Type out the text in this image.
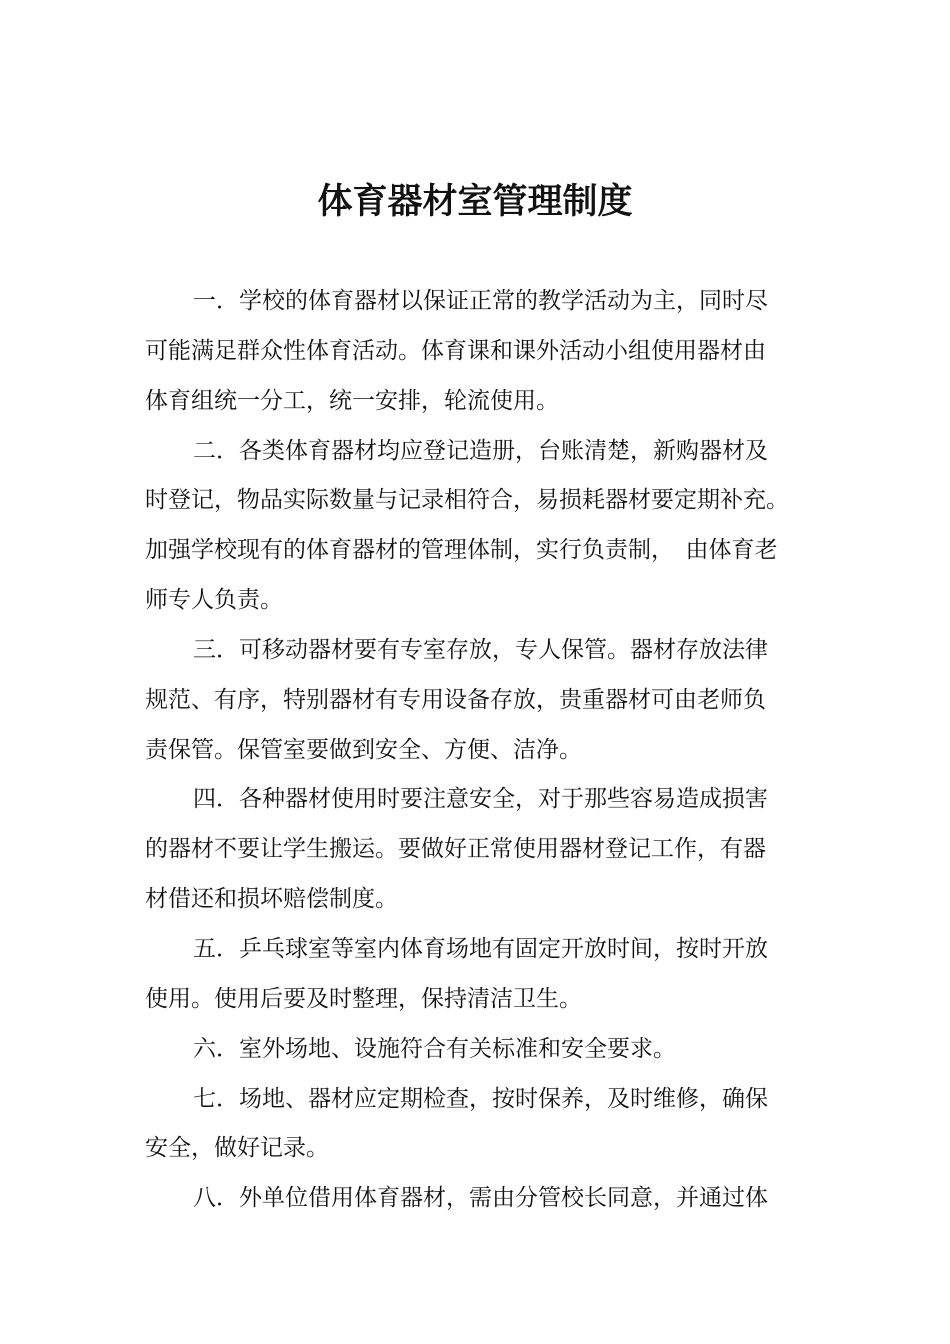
体育器材室管理制度
一．学校的体育器材以保证正常的教学活动为主，同时尽
可能满足群众性体育活动。体育课和课外活动小组使用器材由
体育组统一分工，统一安排，轮流使用。
二．各类体育器材均应登记造册，台账清楚，新购器材及
时登记，物品实际数量与记录相符合，易损耗器材要定期补充。
加强学校现有的体育器材的管理体制，实行负责制，　由体育老
师专人负责。
三．可移动器材要有专室存放，专人保管。器材存放法律
规范、有序，特别器材有专用设备存放，贵重器材可由老师负
责保管。保管室要做到安全、方便、洁净。
四．各种器材使用时要注意安全，对于那些容易造成损害
的器材不要让学生搬运。要做好正常使用器材登记工作，有器
材借还和损坏赔偿制度。
五．乒乓球室等室内体育场地有固定开放时间，按时开放
使用。使用后要及时整理，保持清洁卫生。
六．室外场地、设施符合有关标准和安全要求。
七．场地、器材应定期检查，按时保养，及时维修，确保
安全，做好记录。
八．外单位借用体育器材，需由分管校长同意，并通过体
